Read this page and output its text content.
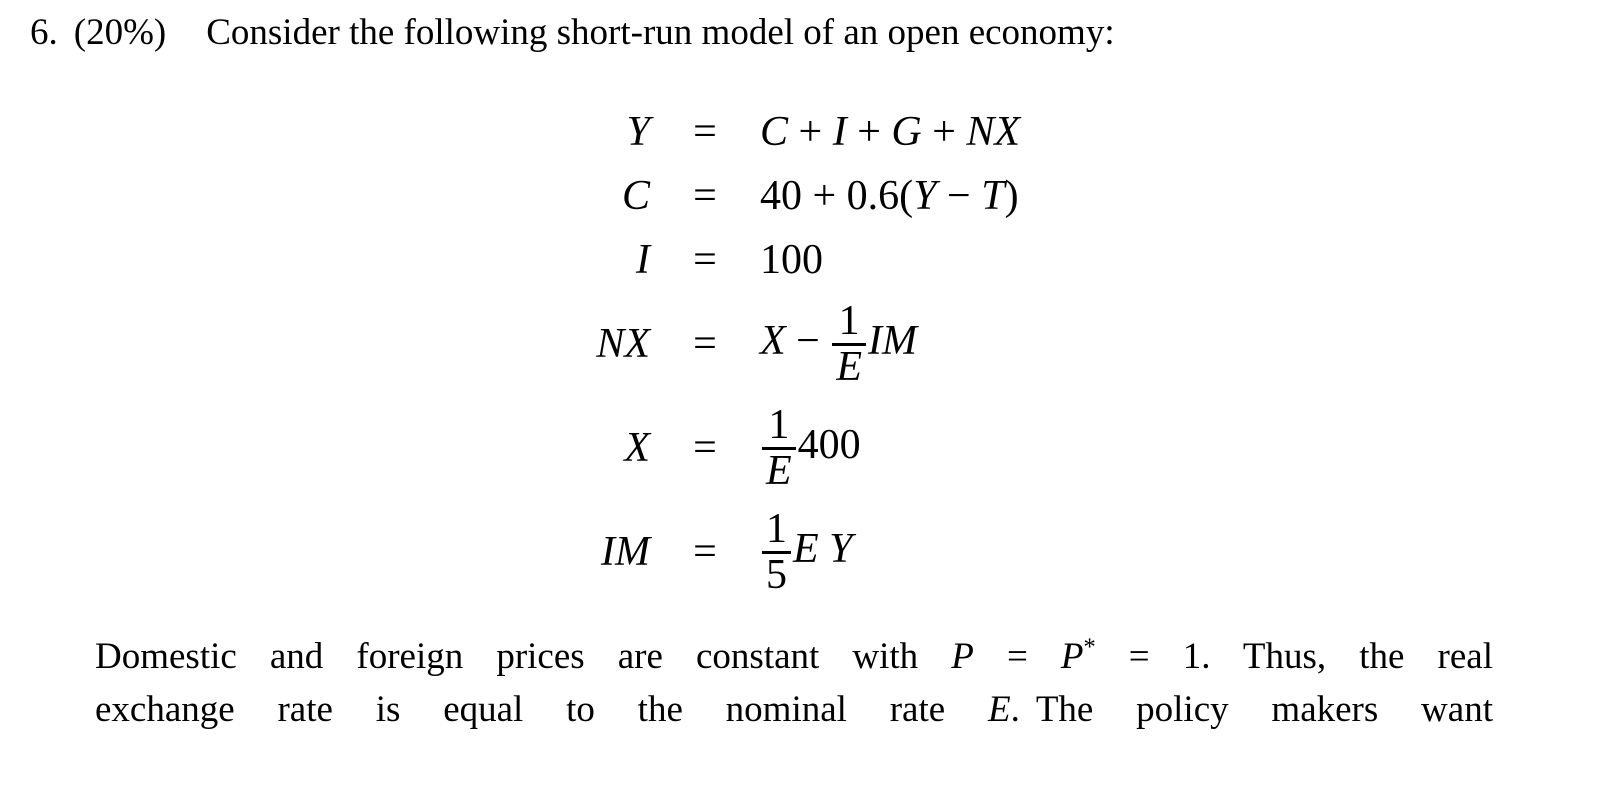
6. (20%) Consider the following short-run model of an open economy:
Y	=	C + I + G + NX
C	=	40 + 0.6(Y − T)
I	=	100
NX	=	$X - \frac{1}{E}$ IM
X	=	$\frac{1}{E} 400$
IM	=	$\frac{1}{5}$ E Y
Domestic and foreign prices are constant with P = P* = 1. Thus, the real
exchange rate is equal to the nominal rate E. The policy makers want
